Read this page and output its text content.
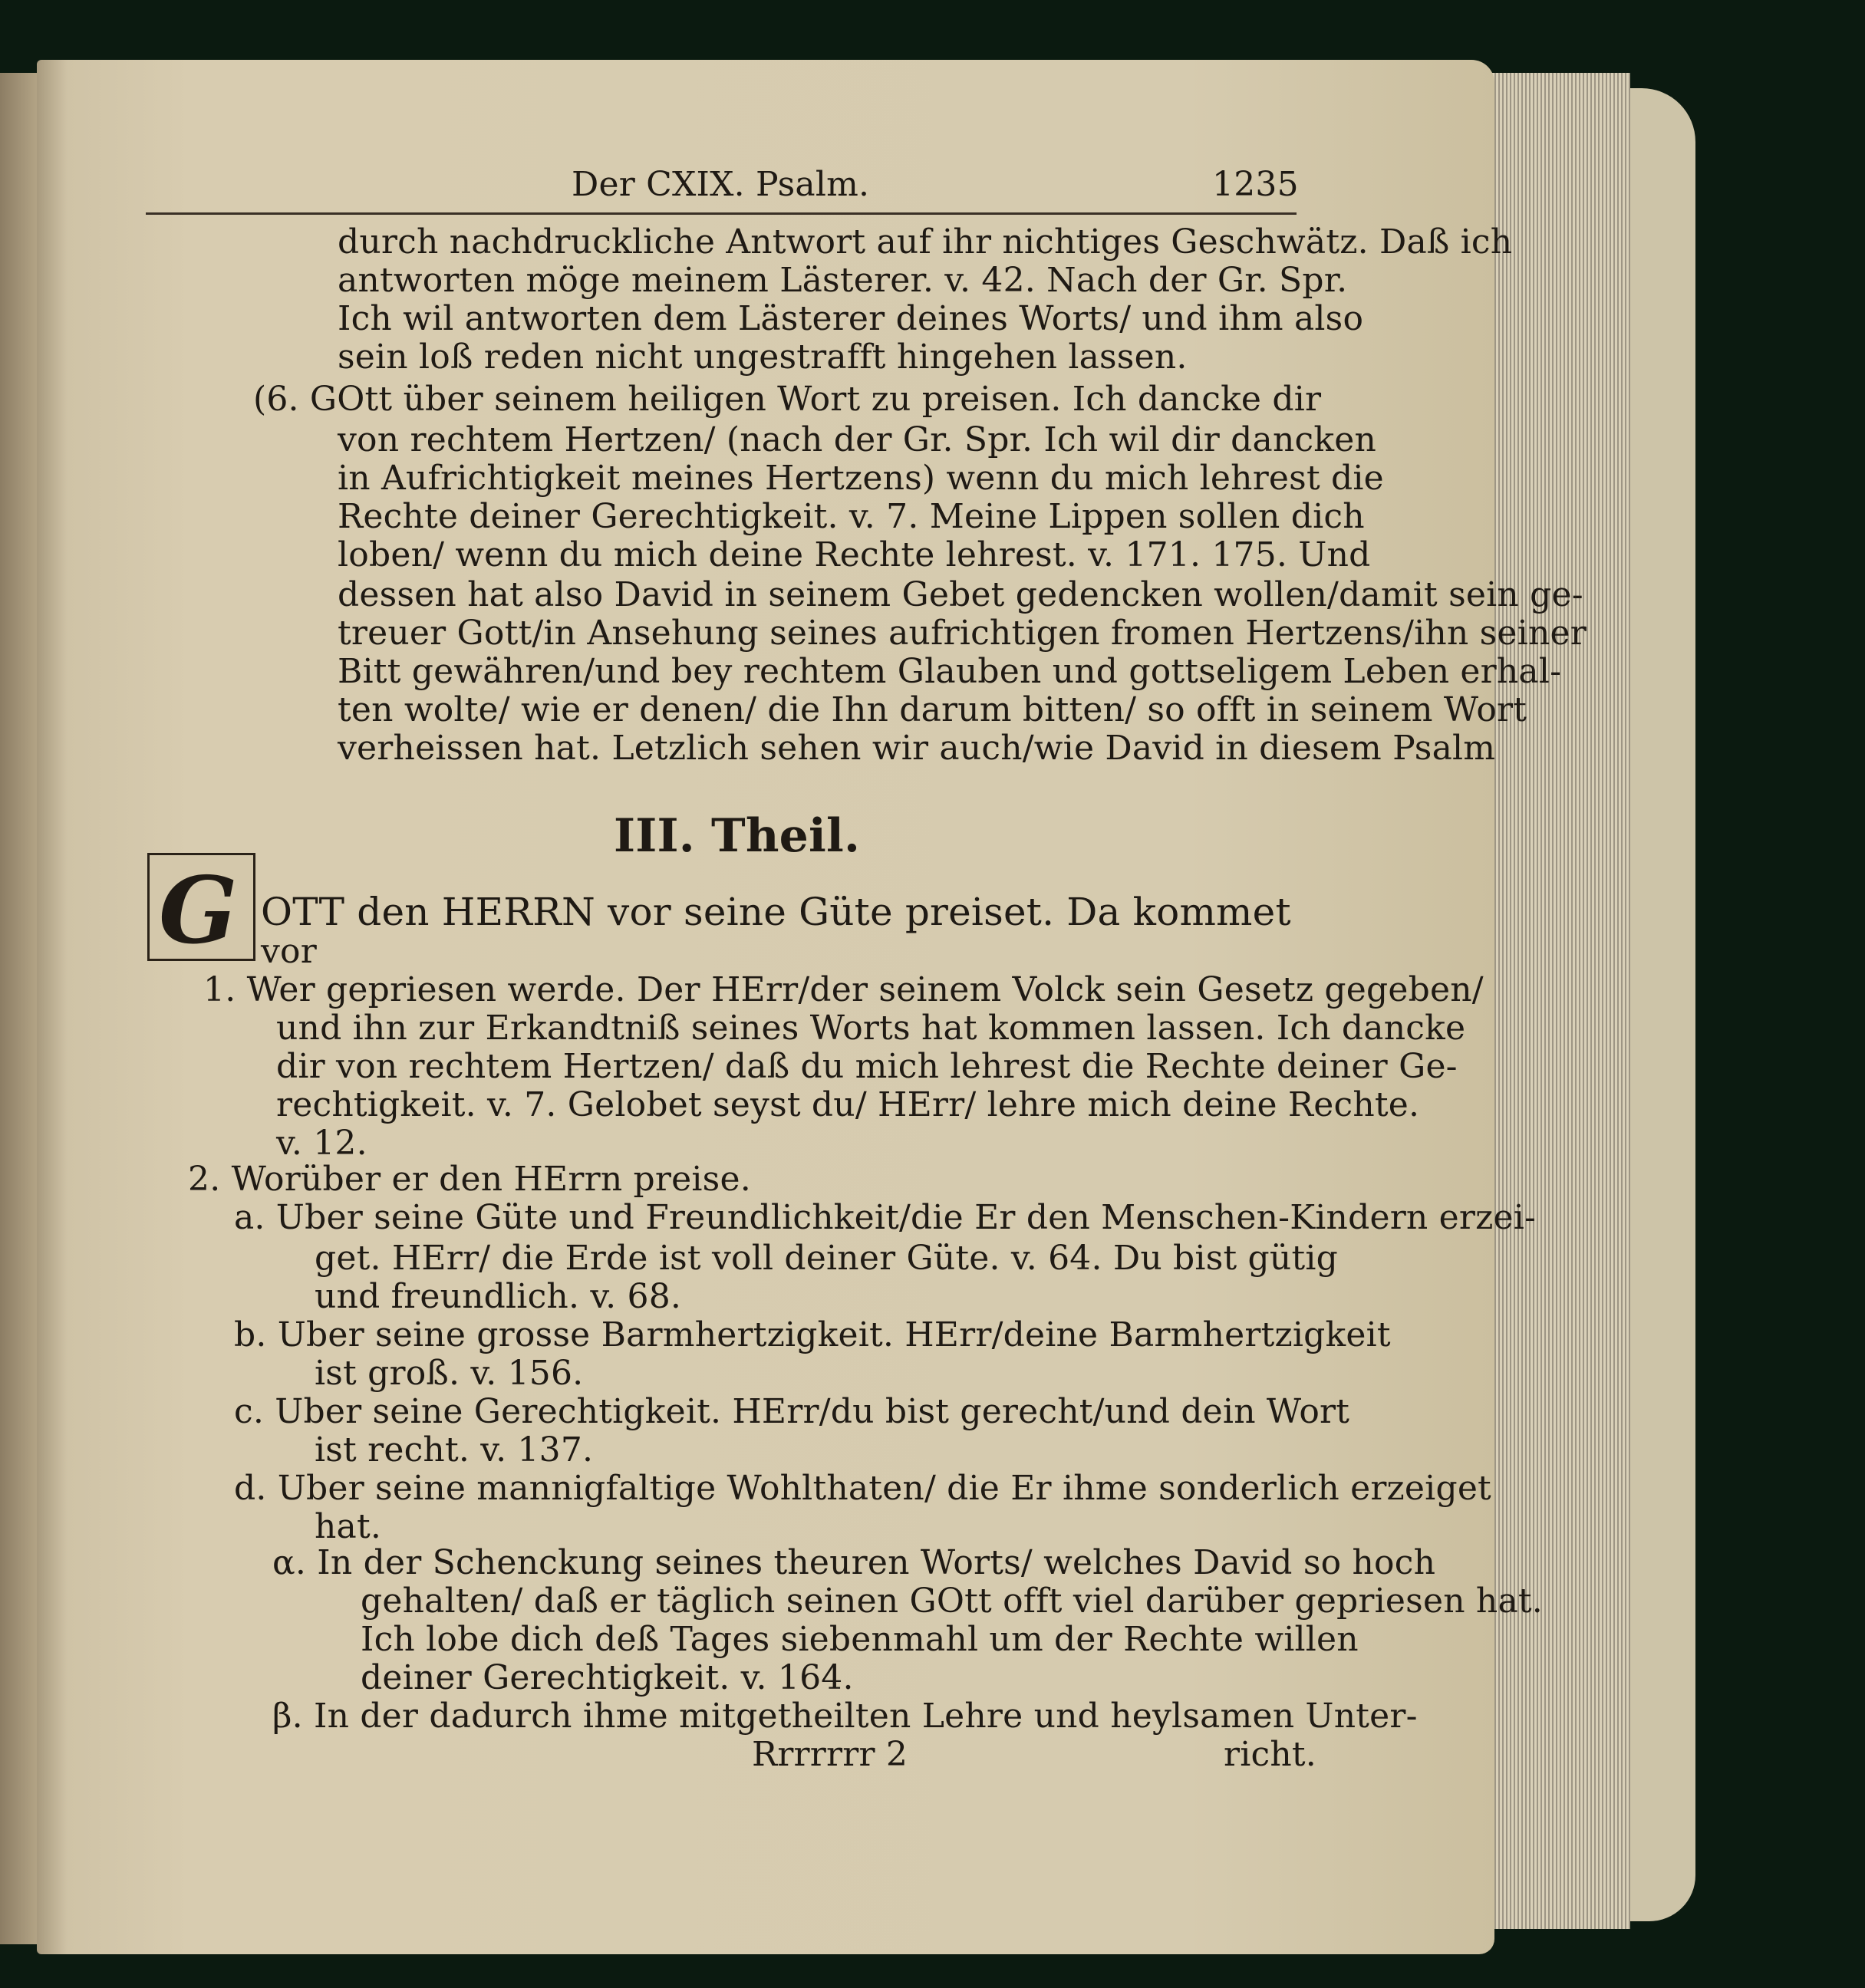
Der CXIX. Psalm.	1235
durch nachdruckliche Antwort auf ihr nichtiges Geschwätz. Daß ich
antworten möge meinem Lästerer. v. 42. Nach der Gr. Spr.
Ich wil antworten dem Lästerer deines Worts/ und ihm also
sein loß reden nicht ungestrafft hingehen lassen.
(6. GOtt über seinem heiligen Wort zu preisen. Ich dancke dir
von rechtem Hertzen/ (nach der Gr. Spr. Ich wil dir dancken
in Aufrichtigkeit meines Hertzens) wenn du mich lehrest die
Rechte deiner Gerechtigkeit. v. 7. Meine Lippen sollen dich
loben/ wenn du mich deine Rechte lehrest. v. 171. 175. Und
dessen hat also David in seinem Gebet gedencken wollen/damit sein ge-
treuer Gott/in Ansehung seines aufrichtigen fromen Hertzens/ihn seiner
Bitt gewähren/und bey rechtem Glauben und gottseligem Leben erhal-
ten wolte/ wie er denen/ die Ihn darum bitten/ so offt in seinem Wort
verheissen hat. Letzlich sehen wir auch/wie David in diesem Psalm
III. Theil.
G OTT den HERRN vor seine Güte preiset. Da kommet
vor
1. Wer gepriesen werde. Der HErr/der seinem Volck sein Gesetz gegeben/
und ihn zur Erkandtniß seines Worts hat kommen lassen. Ich dancke
dir von rechtem Hertzen/ daß du mich lehrest die Rechte deiner Ge-
rechtigkeit. v. 7. Gelobet seyst du/ HErr/ lehre mich deine Rechte.
v. 12.
2. Worüber er den HErrn preise.
a. Uber seine Güte und Freundlichkeit/die Er den Menschen-Kindern erzei-
get. HErr/ die Erde ist voll deiner Güte. v. 64. Du bist gütig
und freundlich. v. 68.
b. Uber seine grosse Barmhertzigkeit. HErr/deine Barmhertzigkeit
ist groß. v. 156.
c. Uber seine Gerechtigkeit. HErr/du bist gerecht/und dein Wort
ist recht. v. 137.
d. Uber seine mannigfaltige Wohlthaten/ die Er ihme sonderlich erzeiget
hat.
α. In der Schenckung seines theuren Worts/ welches David so hoch
gehalten/ daß er täglich seinen GOtt offt viel darüber gepriesen hat.
Ich lobe dich deß Tages siebenmahl um der Rechte willen
deiner Gerechtigkeit. v. 164.
β. In der dadurch ihme mitgetheilten Lehre und heylsamen Unter-
Rrrrrrr 2	richt.
